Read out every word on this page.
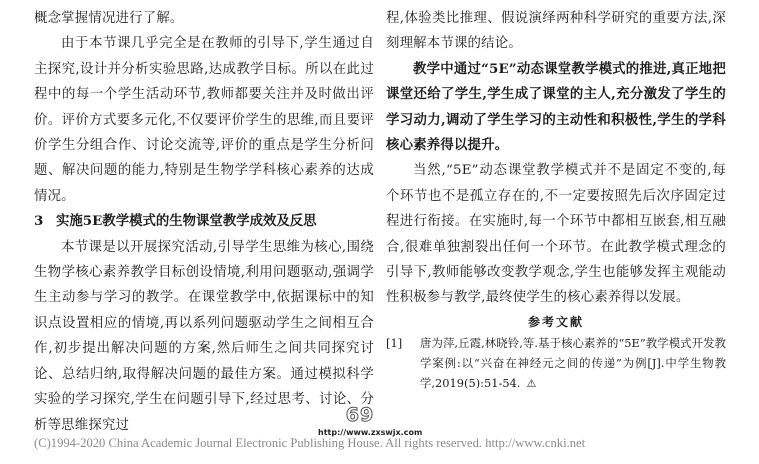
概念掌握情况进行了解。

由于本节课几乎完全是在教师的引导下,学生通过自主探究,设计并分析实验思路,达成教学目标。所以在此过程中的每一个学生活动环节,教师都要关注并及时做出评价。评价方式要多元化,不仅要评价学生的思维,而且要评价学生分组合作、讨论交流等,评价的重点是学生分析问题、解决问题的能力,特别是生物学学科核心素养的达成情况。

3 实施5E教学模式的生物课堂教学成效及反思

本节课是以开展探究活动,引导学生思维为核心,围绕生物学核心素养教学目标创设情境,利用问题驱动,强调学生主动参与学习的教学。在课堂教学中,依据课标中的知识点设置相应的情境,再以系列问题驱动学生之间相互合作,初步提出解决问题的方案,然后师生之间共同探究讨论、总结归纳,取得解决问题的最佳方案。通过模拟科学实验的学习探究,学生在问题引导下,经过思考、讨论、分析等思维探究过

程,体验类比推理、假说演绎两种科学研究的重要方法,深刻理解本节课的结论。

教学中通过“5E”动态课堂教学模式的推进,真正地把课堂还给了学生,学生成了课堂的主人,充分激发了学生的学习动力,调动了学生学习的主动性和积极性,学生的学科核心素养得以提升。

当然,“5E”动态课堂教学模式并不是固定不变的,每个环节也不是孤立存在的,不一定要按照先后次序固定过程进行衔接。在实施时,每一个环节中都相互嵌套,相互融合,很难单独割裂出任何一个环节。在此教学模式理念的引导下,教师能够改变教学观念,学生也能够发挥主观能动性积极参与教学,最终使学生的核心素养得以发展。

参考文献
[1]	唐为萍,丘霞,林晓铃,等.基于核心素养的“5E”教学模式开发教学案例:以“兴奋在神经元之间的传递”为例[J].中学生物教学,2019(5):51-54. ⚠
69
http://www.zxswjx.com
(C)1994-2020 China Academic Journal Electronic Publishing House. All rights reserved. http://www.cnki.net
